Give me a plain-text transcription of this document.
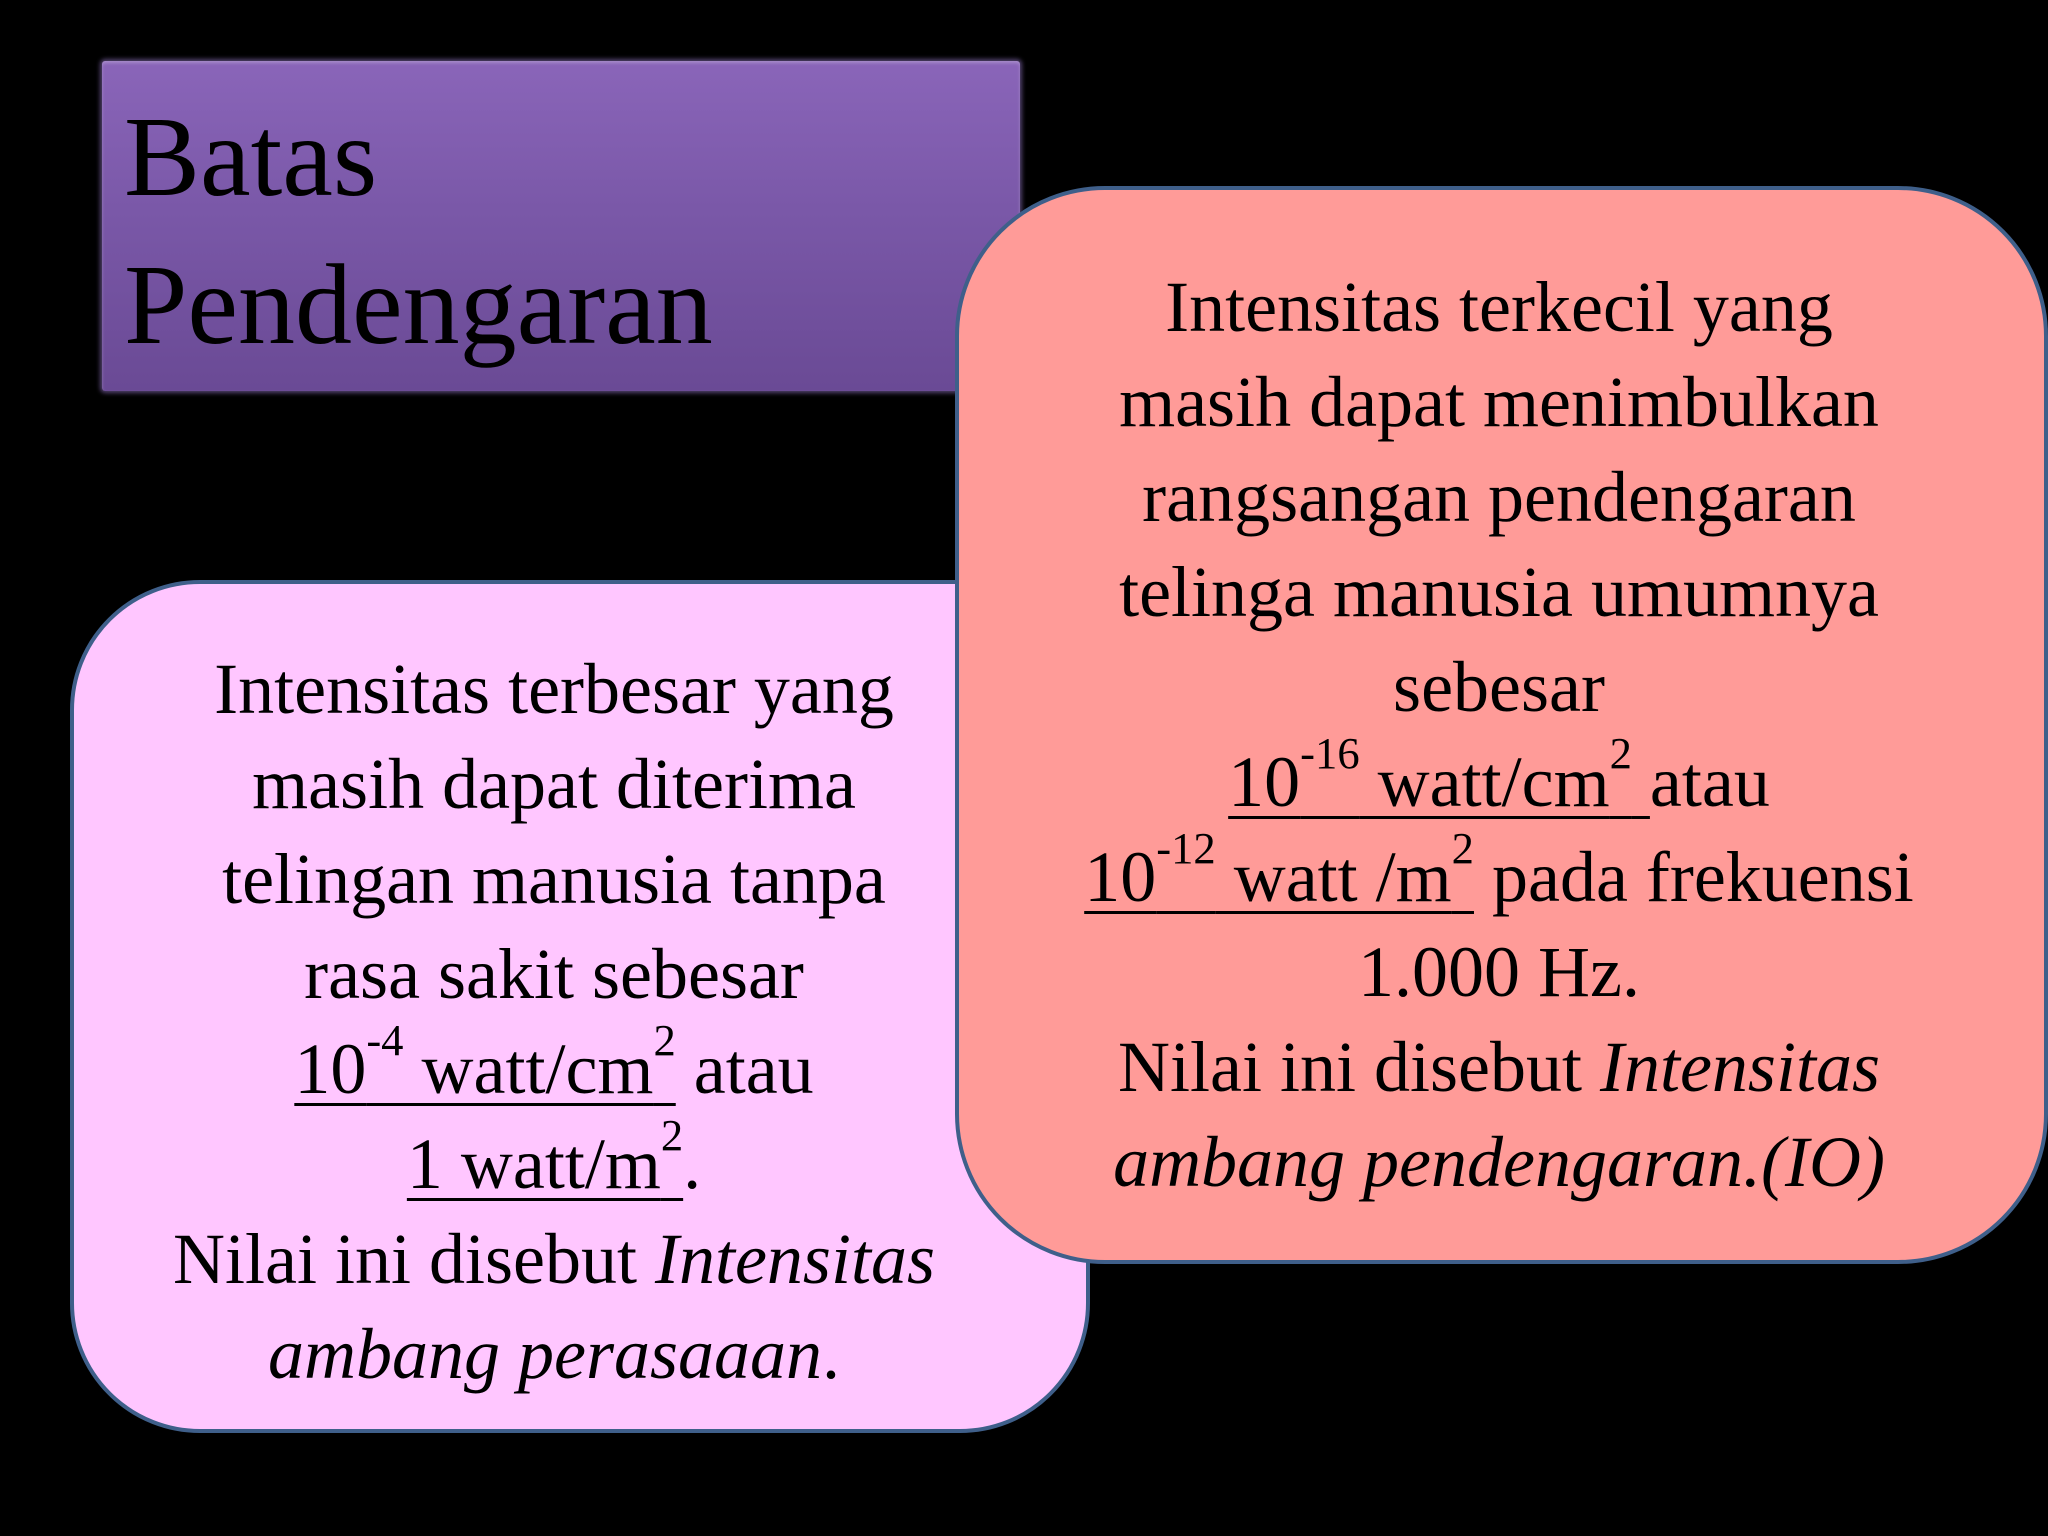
Batas
Pendengaran
Intensitas terbesar yang
masih dapat diterima
telingan manusia tanpa
rasa sakit sebesar
$10^{-4}$ watt/$cm^2$ atau
1 watt/$m^2$.
Nilai ini disebut Intensitas
ambang perasaaan.
Intensitas terkecil yang
masih dapat menimbulkan
rangsangan pendengaran
telinga manusia umumnya
sebesar
$10^{-16}$ watt/$cm^2$ atau
$10^{-12}$ watt $/m^2$ pada frekuensi
1.000 Hz.
Nilai ini disebut Intensitas
ambang pendengaran.(IO)
